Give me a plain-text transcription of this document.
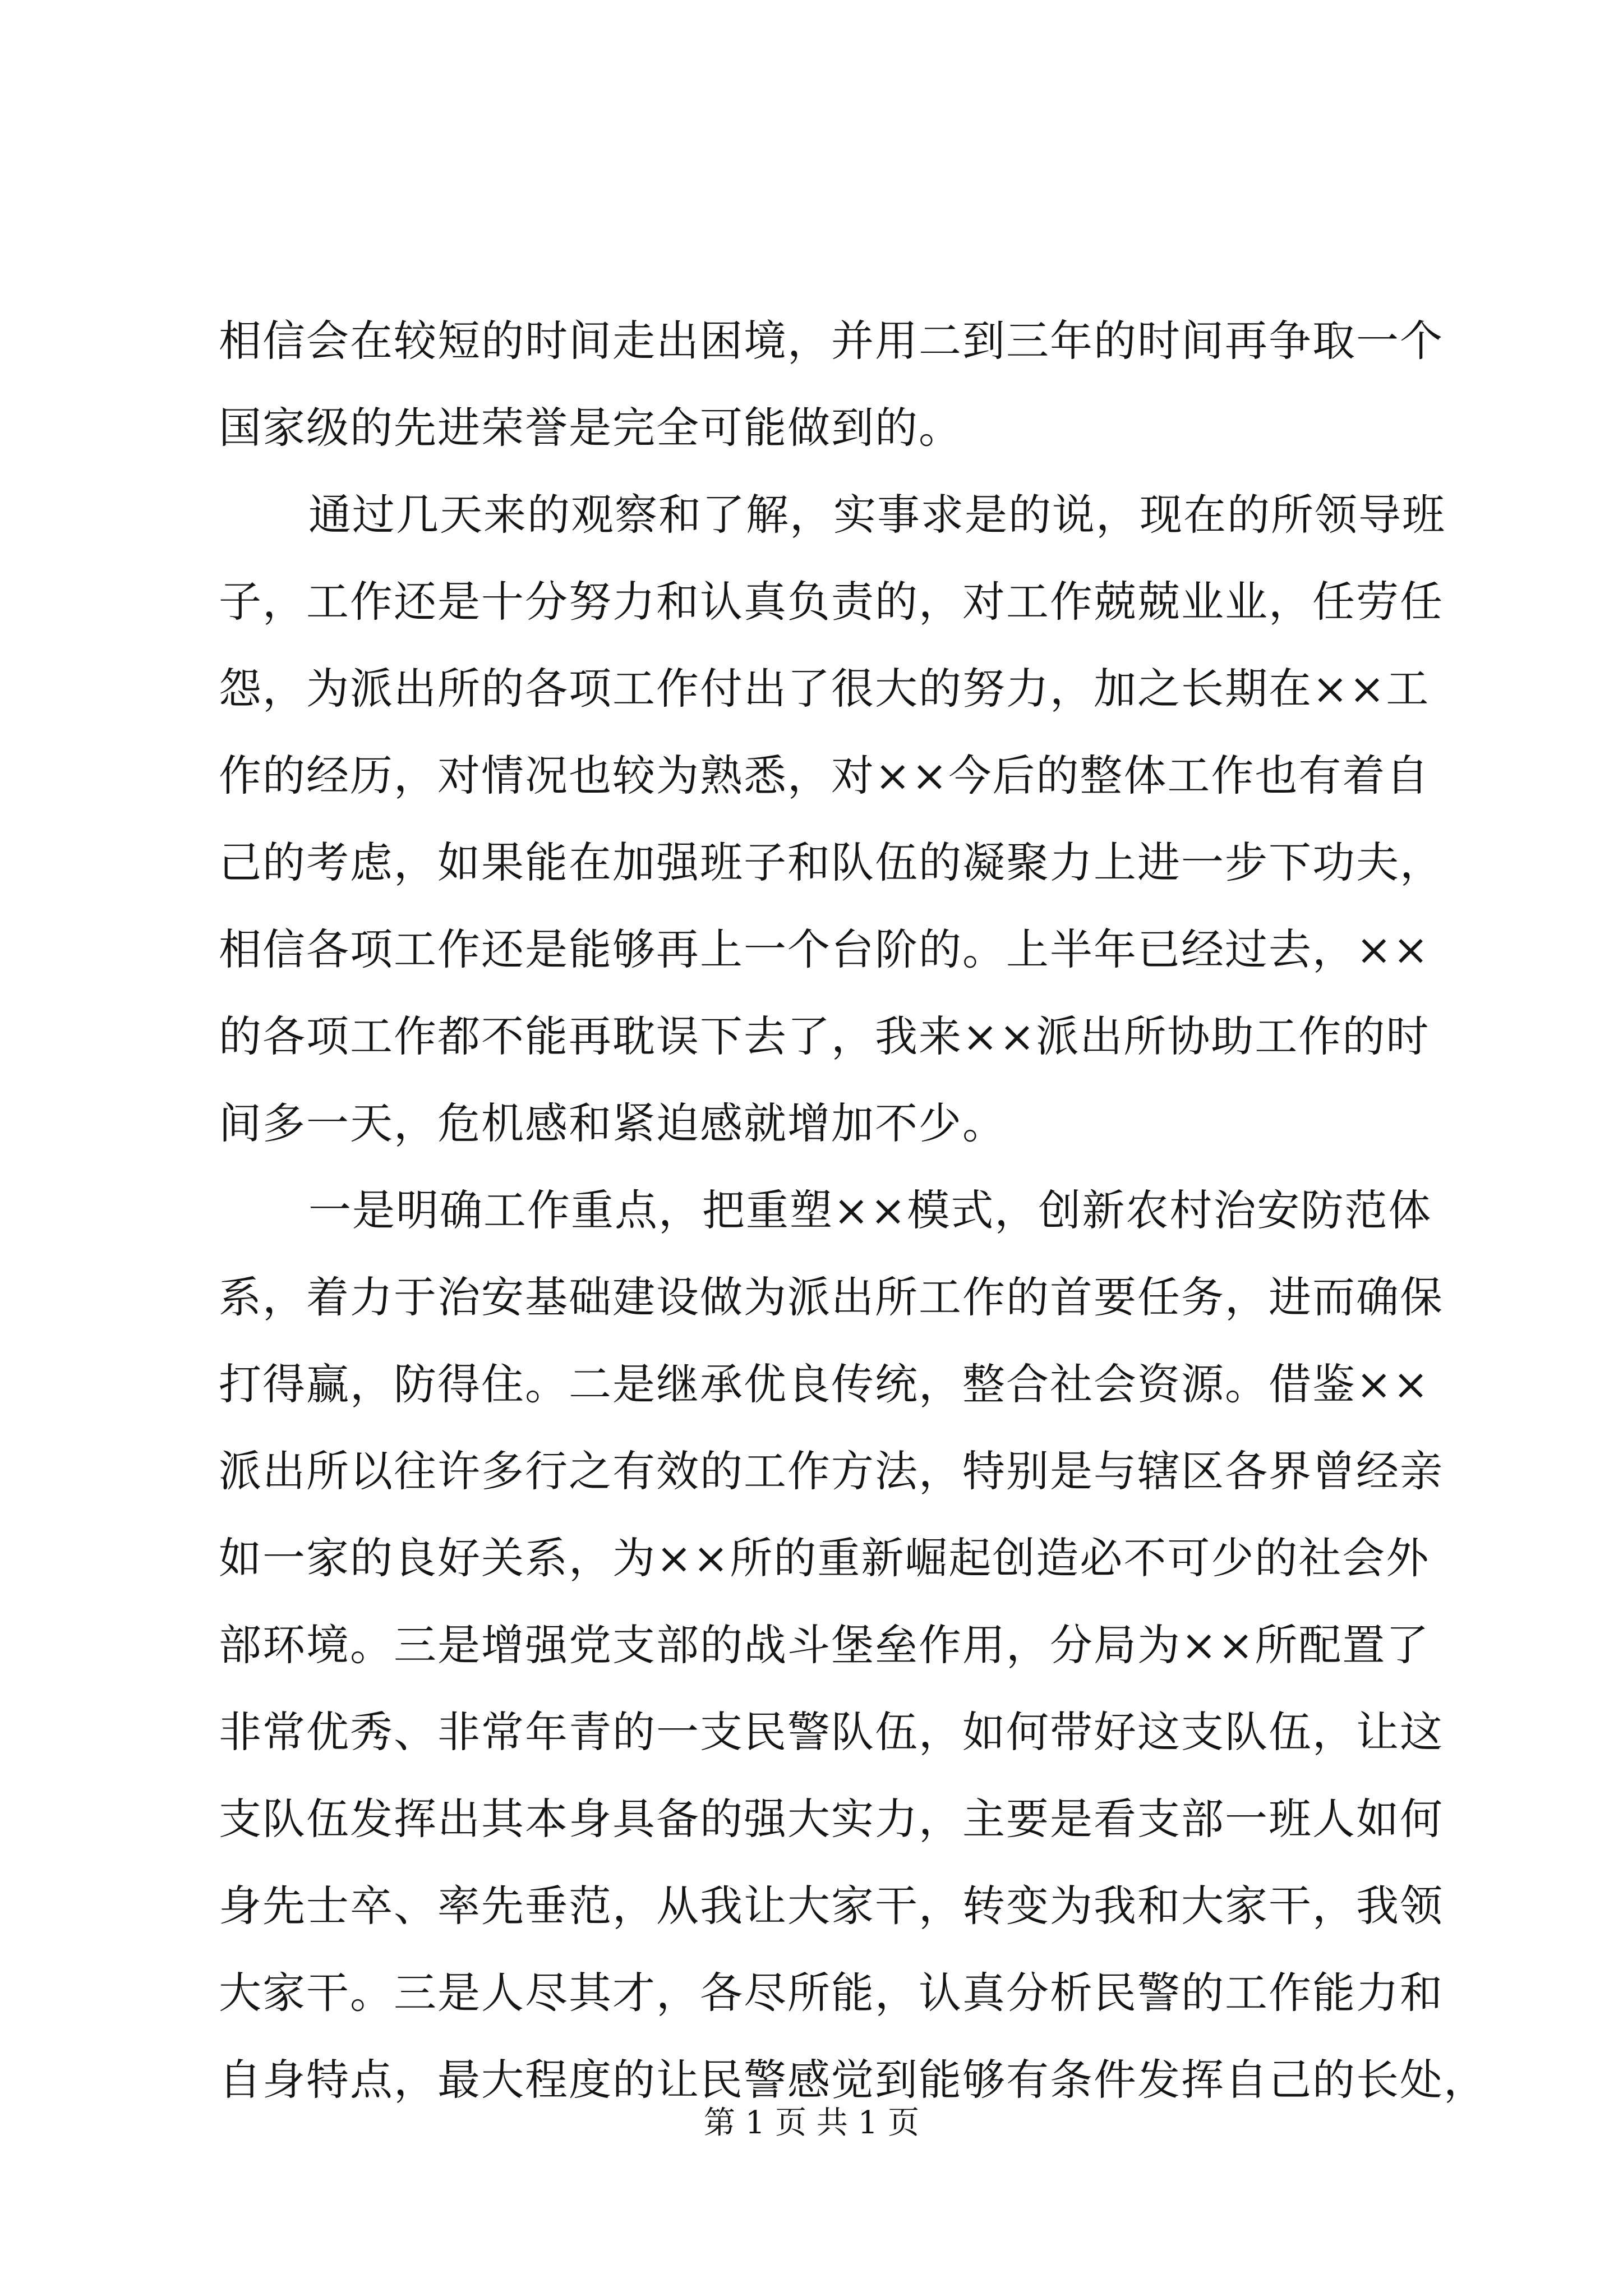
相信会在较短的时间走出困境，并用二到三年的时间再争取一个
国家级的先进荣誉是完全可能做到的。
通过几天来的观察和了解，实事求是的说，现在的所领导班
子，工作还是十分努力和认真负责的，对工作兢兢业业，任劳任
怨，为派出所的各项工作付出了很大的努力，加之长期在××工
作的经历，对情况也较为熟悉，对××今后的整体工作也有着自
己的考虑，如果能在加强班子和队伍的凝聚力上进一步下功夫，
相信各项工作还是能够再上一个台阶的。上半年已经过去，××
的各项工作都不能再耽误下去了，我来××派出所协助工作的时
间多一天，危机感和紧迫感就增加不少。
一是明确工作重点，把重塑××模式，创新农村治安防范体
系，着力于治安基础建设做为派出所工作的首要任务，进而确保
打得赢，防得住。二是继承优良传统，整合社会资源。借鉴××
派出所以往许多行之有效的工作方法，特别是与辖区各界曾经亲
如一家的良好关系，为××所的重新崛起创造必不可少的社会外
部环境。三是增强党支部的战斗堡垒作用，分局为××所配置了
非常优秀、非常年青的一支民警队伍，如何带好这支队伍，让这
支队伍发挥出其本身具备的强大实力，主要是看支部一班人如何
身先士卒、率先垂范，从我让大家干，转变为我和大家干，我领
大家干。三是人尽其才，各尽所能，认真分析民警的工作能力和
自身特点，最大程度的让民警感觉到能够有条件发挥自己的长处，
第 1 页 共 1 页
